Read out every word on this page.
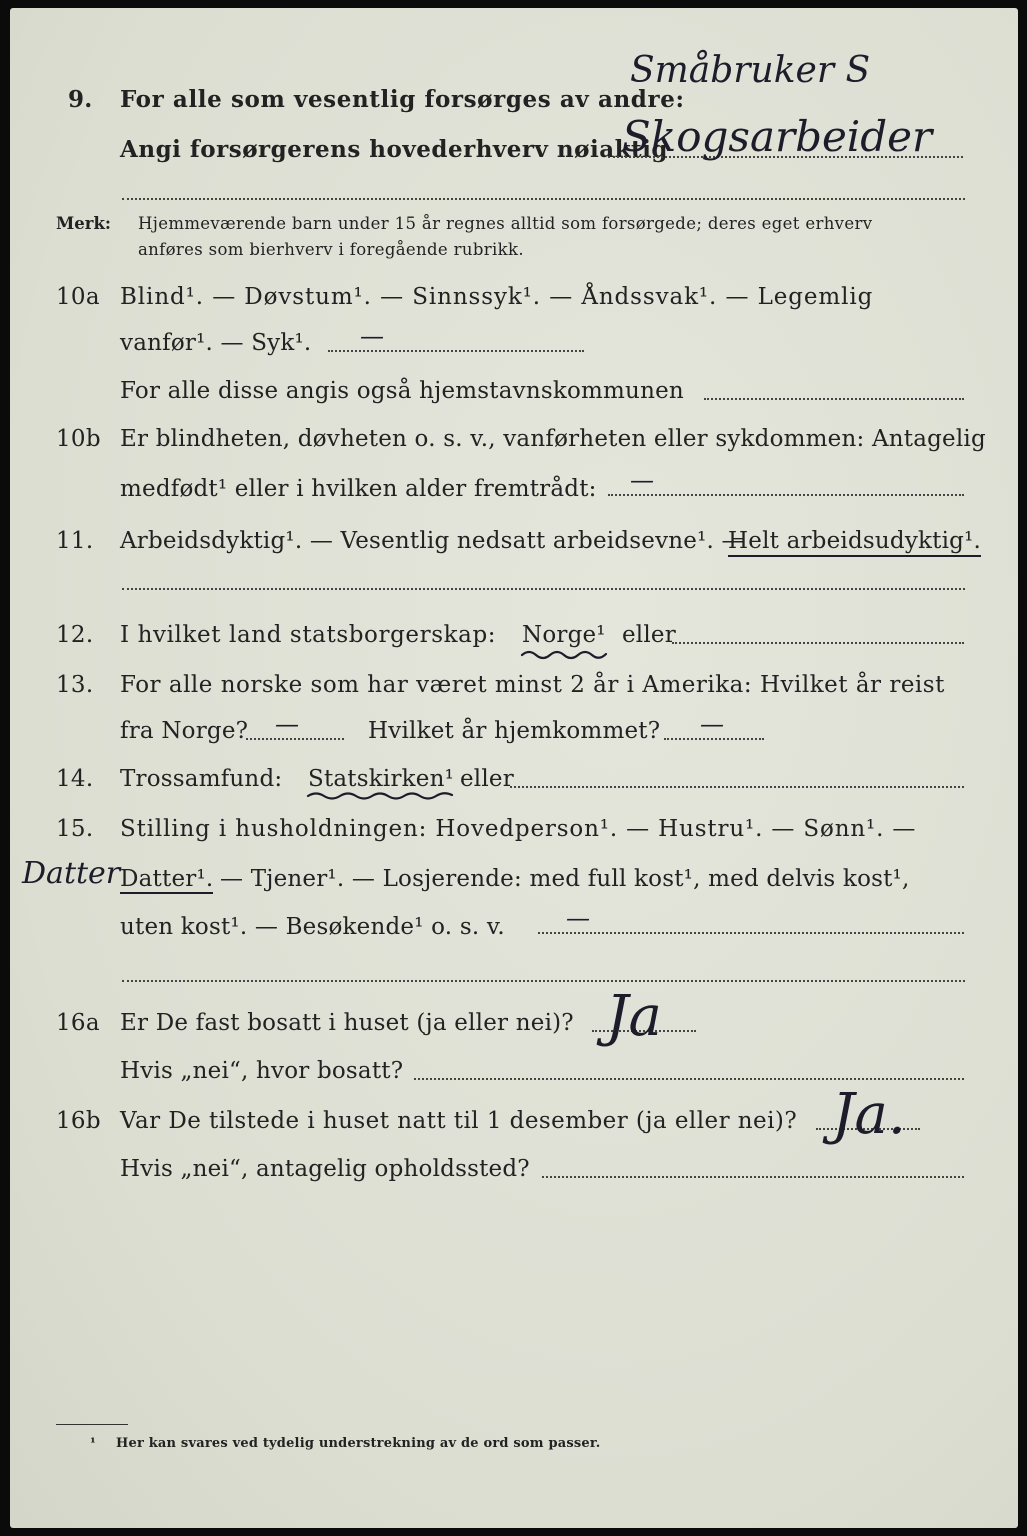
9. For alle som vesentlig forsørges av andre:
Småbruker S
Angi forsørgerens hovederhverv nøiaktig
Skogsarbeider
Merk: Hjemmeværende barn under 15 år regnes alltid som forsørgede; deres eget erhverv
anføres som bierhverv i foregående rubrikk.
10a Blind¹. — Døvstum¹. — Sinnssyk¹. — Åndssvak¹. — Legemlig
vanfør¹. — Syk¹. —
For alle disse angis også hjemstavnskommunen
10b Er blindheten, døvheten o. s. v., vanførheten eller sykdommen: Antagelig
medfødt¹ eller i hvilken alder fremtrådt: —
11. Arbeidsdyktig¹. — Vesentlig nedsatt arbeidsevne¹. —
Helt arbeidsudyktig¹.
12. I hvilket land statsborgerskap: Norge¹ eller
13. For alle norske som har været minst 2 år i Amerika: Hvilket år reist
fra Norge? —	Hvilket år hjemkommet? —
14. Trossamfund: Statskirken¹ eller
15. Stilling i husholdningen: Hovedperson¹. — Hustru¹. — Sønn¹. —
Datter Datter¹. — Tjener¹. — Losjerende: med full kost¹, med delvis kost¹,
uten kost¹. — Besøkende¹ o. s. v.	—
16a Er De fast bosatt i huset (ja eller nei)? Ja
Hvis „nei“, hvor bosatt?
16b Var De tilstede i huset natt til 1 desember (ja eller nei)? Ja.
Hvis „nei“, antagelig opholdssted?
¹ Her kan svares ved tydelig understrekning av de ord som passer.
